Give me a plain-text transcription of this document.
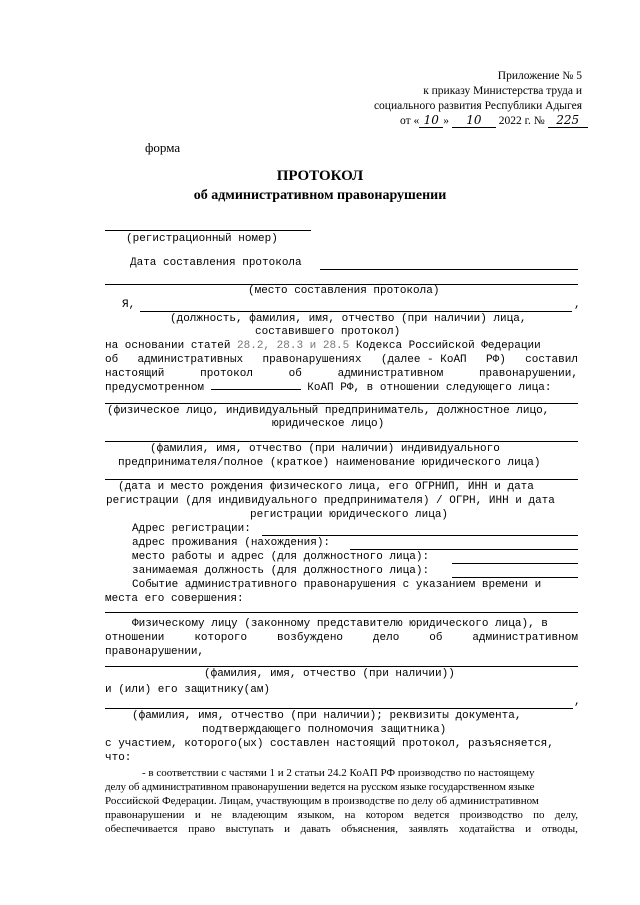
Приложение № 5
к приказу Министерства труда и
социального развития Республики Адыгея
от « 10 » 10 2022 г. № 225
форма
ПРОТОКОЛ
об административном правонарушении
(регистрационный номер)
Дата составления протокола
(место составления протокола)
Я,	,
(должность, фамилия, имя, отчество (при наличии) лица,
составившего протокол)
на основании статей 28.2, 28.3 и 28.5 Кодекса Российской Федерации
об административных правонарушениях (далее - КоАП РФ) составил
настоящий	протокол	об	административном	правонарушении,
предусмотренном	КоАП РФ, в отношении следующего лица:
(физическое лицо, индивидуальный предприниматель, должностное лицо,
юридическое лицо)
(фамилия, имя, отчество (при наличии) индивидуального
предпринимателя/полное (краткое) наименование юридического лица)
(дата и место рождения физического лица, его ОГРНИП, ИНН и дата
регистрации (для индивидуального предпринимателя) / ОГРН, ИНН и дата
регистрации юридического лица)
Адрес регистрации:
адрес проживания (нахождения):
место работы и адрес (для должностного лица):
занимаемая должность (для должностного лица):
Событие административного правонарушения с указанием времени и
места его совершения:
Физическому лицу (законному представителю юридического лица), в
отношении	которого	возбуждено	дело	об	административном
правонарушении,
(фамилия, имя, отчество (при наличии))
и (или) его защитнику(ам)
,
(фамилия, имя, отчество (при наличии); реквизиты документа,
подтверждающего полномочия защитника)
с участием, которого(ых) составлен настоящий протокол, разъясняется,
что:
- в соответствии с частями 1 и 2 статьи 24.2 КоАП РФ производство по настоящему
делу об административном правонарушении ведется на русском языке государственном языке
Российской Федерации. Лицам, участвующим в производстве по делу об административном
правонарушении и не владеющим языком, на котором ведется производство по делу,
обеспечивается право выступать и давать объяснения, заявлять ходатайства и отводы,
